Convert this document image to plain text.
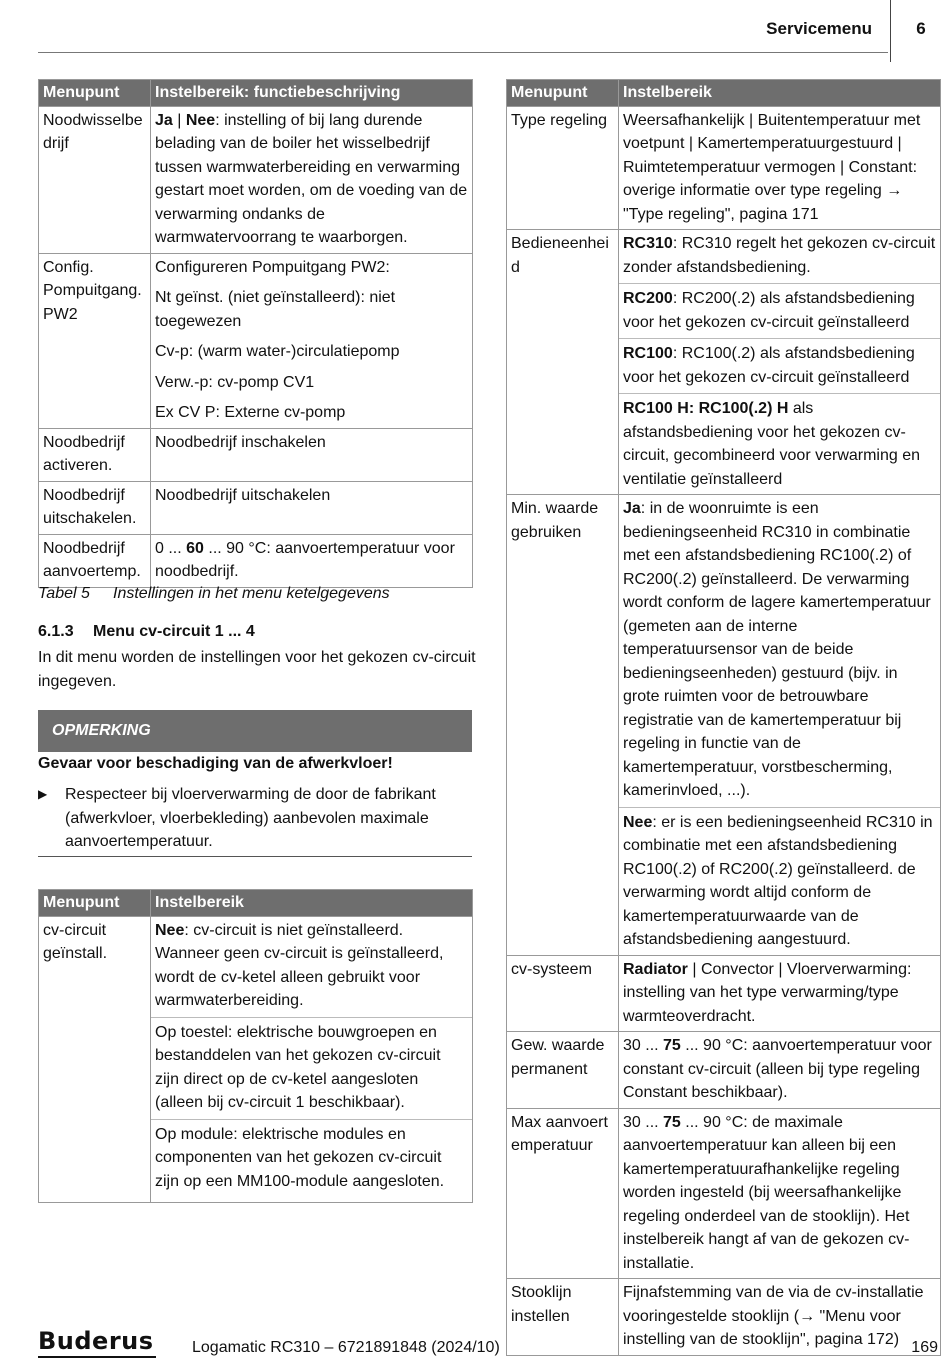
Servicemenu	6
Menupunt	Instelbereik: functiebeschrijving
Noodwisselbedrijf	Ja | Nee: instelling of bij lang durende belading van de boiler het wisselbedrijf tussen warmwaterbereiding en verwarming gestart moet worden, om de voeding van de verwarming ondanks de warmwatervoorrang te waarborgen.
Config. Pompuitgang. PW2	Configureren Pompuitgang PW2:
Nt geïnst. (niet geïnstalleerd): niet toegewezen
Cv-p: (warm water-)circulatiepomp
Verw.-p: cv-pomp CV1
Ex CV P: Externe cv-pomp

Noodbedrijf activeren.	Noodbedrijf inschakelen
Noodbedrijf uitschakelen.	Noodbedrijf uitschakelen
Noodbedrijf aanvoertemp.	0 ... 60 ... 90 °C: aanvoertemperatuur voor noodbedrijf.
Tabel 5 Instellingen in het menu ketelgegevens
6.1.3 Menu cv-circuit 1 ... 4
In dit menu worden de instellingen voor het gekozen cv-circuit ingegeven.
OPMERKING
Gevaar voor beschadiging van de afwerkvloer!
▶ Respecteer bij vloerverwarming de door de fabrikant (afwerkvloer, vloerbekleding) aanbevolen maximale aanvoertemperatuur.
Menupunt	Instelbereik
cv-circuit geïnstall.	Nee: cv-circuit is niet geïnstalleerd. Wanneer geen cv-circuit is geïnstalleerd, wordt de cv-ketel alleen gebruikt voor warmwaterbereiding.
Op toestel: elektrische bouwgroepen en bestanddelen van het gekozen cv-circuit zijn direct op de cv-ketel aangesloten (alleen bij cv-circuit 1 beschikbaar).
Op module: elektrische modules en componenten van het gekozen cv-circuit zijn op een MM100-module aangesloten.
Menupunt	Instelbereik
Type regeling	Weersafhankelijk | Buitentemperatuur met voetpunt | Kamertemperatuurgestuurd | Ruimtetemperatuur vermogen | Constant: overige informatie over type regeling → "Type regeling", pagina 171
Bedieneenheid	RC310: RC310 regelt het gekozen cv-circuit zonder afstandsbediening.
RC200: RC200(.2) als afstandsbediening voor het gekozen cv-circuit geïnstalleerd
RC100: RC100(.2) als afstandsbediening voor het gekozen cv-circuit geïnstalleerd
RC100 H: RC100(.2) H als afstandsbediening voor het gekozen cv-circuit, gecombineerd voor verwarming en ventilatie geïnstalleerd

Min. waarde gebruiken	Ja: in de woonruimte is een bedieningseenheid RC310 in combinatie met een afstandsbediening RC100(.2) of RC200(.2) geïnstalleerd. De verwarming wordt conform de lagere kamertemperatuur (gemeten aan de interne temperatuursensor van de beide bedieningseenheden) gestuurd (bijv. in grote ruimten voor de betrouwbare registratie van de kamertemperatuur bij regeling in functie van de kamertemperatuur, vorstbescherming, kamerinvloed, ...).
Nee: er is een bedieningseenheid RC310 in combinatie met een afstandsbediening RC100(.2) of RC200(.2) geïnstalleerd. de verwarming wordt altijd conform de kamertemperatuurwaarde van de afstandsbediening aangestuurd.

cv-systeem	Radiator | Convector | Vloerverwarming: instelling van het type verwarming/type warmteoverdracht.
Gew. waarde permanent	30 ... 75 ... 90 °C: aanvoertemperatuur voor constant cv-circuit (alleen bij type regeling Constant beschikbaar).
Max aanvoertemperatuur	30 ... 75 ... 90 °C: de maximale aanvoertemperatuur kan alleen bij een kamertemperatuurafhankelijke regeling worden ingesteld (bij weersafhankelijke regeling onderdeel van de stooklijn). Het instelbereik hangt af van de gekozen cv-installatie.
Stooklijn instellen	Fijnafstemming van de via de cv-installatie vooringestelde stooklijn (→ "Menu voor instelling van de stooklijn", pagina 172)
Buderus Logamatic RC310 – 6721891848 (2024/10)	169
